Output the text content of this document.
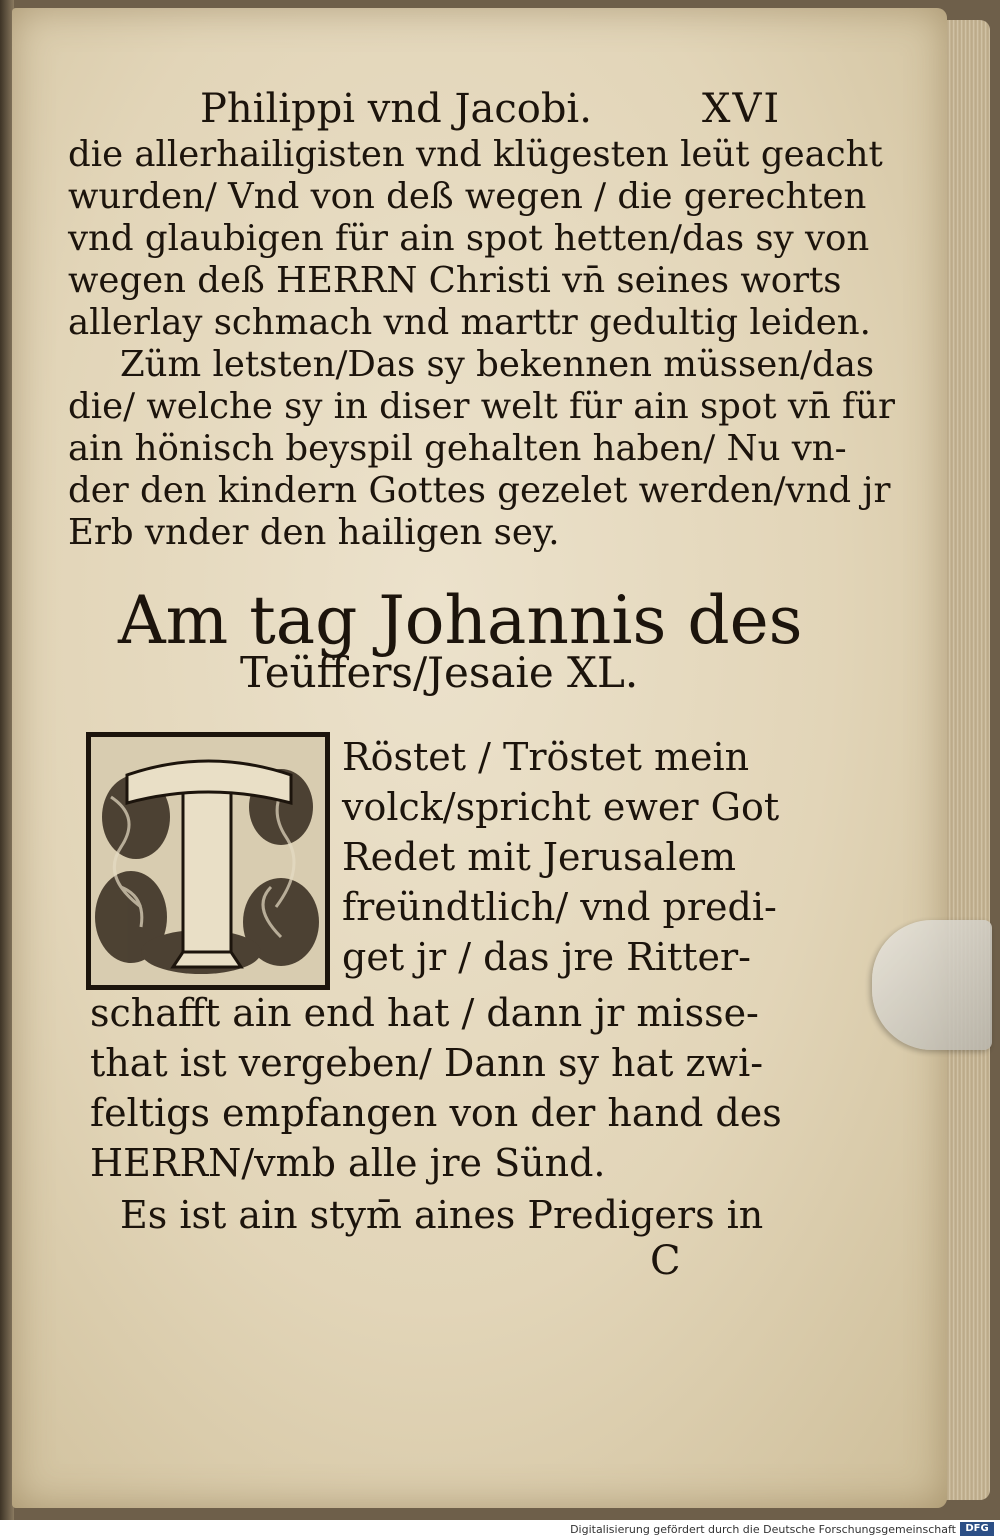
Philippi vnd Jacobi.	XVI
die allerhailigisten vnd klügesten leüt geacht
wurden/ Vnd von deß wegen / die gerechten
vnd glaubigen für ain spot hetten/das sy von
wegen deß HERRN Christi vn̄ seines worts
allerlay schmach vnd marttr gedultig leiden.
Züm letsten/Das sy bekennen müssen/das
die/ welche sy in diser welt für ain spot vn̄ für
ain hönisch beyspil gehalten haben/ Nu vn-
der den kindern Gottes gezelet werden/vnd jr
Erb vnder den hailigen sey.
Am tag Johannis des
Teüffers/Jesaie XL.
Röstet / Tröstet mein
volck/spricht ewer Got
Redet mit Jerusalem
freündtlich/ vnd predi-
get jr / das jre Ritter-
schafft ain end hat / dann jr misse-
that ist vergeben/ Dann sy hat zwi-
feltigs empfangen von der hand des
HERRN/vmb alle jre Sünd.
Es ist ain stym̄ aines Predigers in
C
Digitalisierung gefördert durch die Deutsche Forschungsgemeinschaft DFG
